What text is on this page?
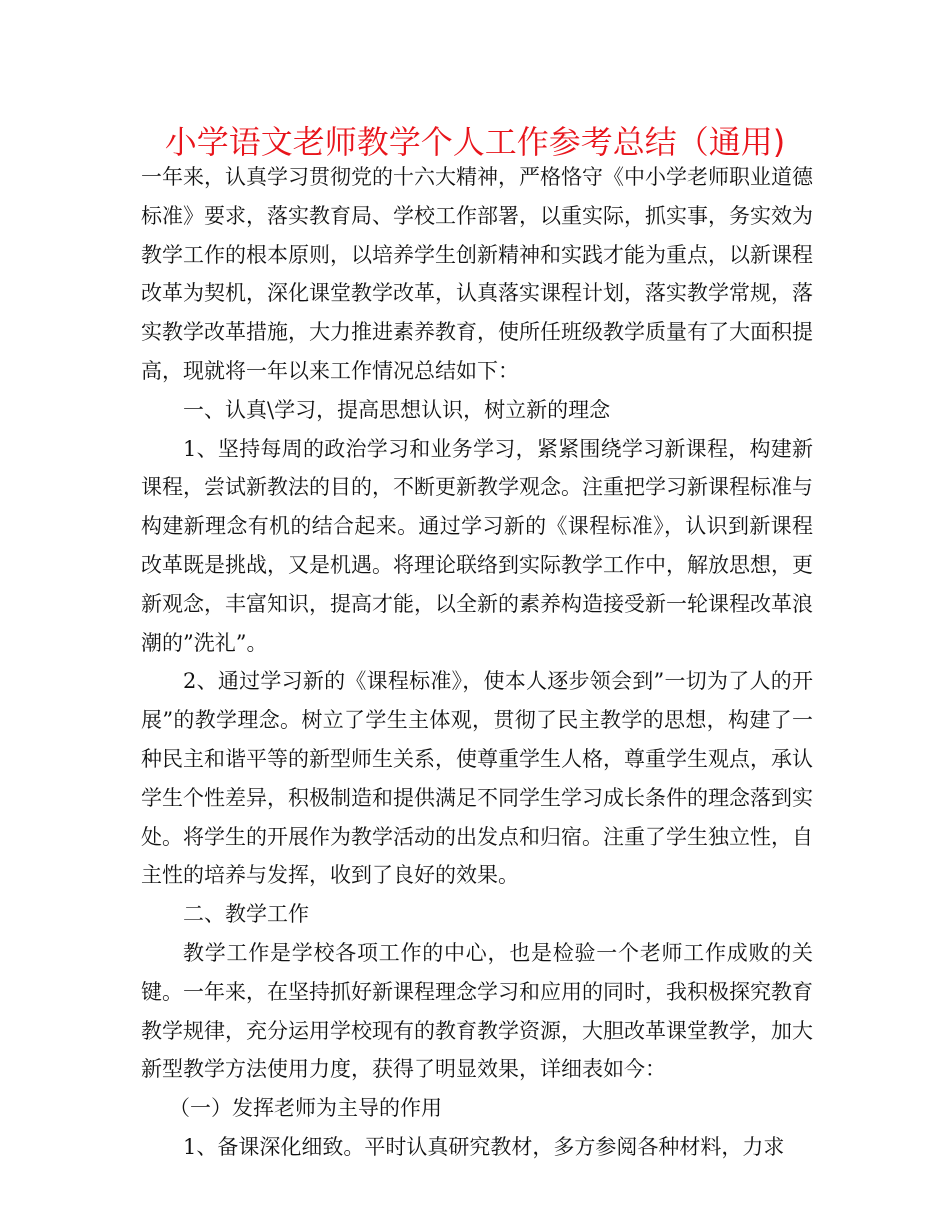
小学语文老师教学个人工作参考总结（通用)

一年来，认真学习贯彻党的十六大精神，严格恪守《中小学老师职业道德标准》要求，落实教育局、学校工作部署，以重实际，抓实事，务实效为教学工作的根本原则，以培养学生创新精神和实践才能为重点，以新课程改革为契机，深化课堂教学改革，认真落实课程计划，落实教学常规，落实教学改革措施，大力推进素养教育，使所任班级教学质量有了大面积提高，现就将一年以来工作情况总结如下：

一、认真\学习，提高思想认识，树立新的理念

1、坚持每周的政治学习和业务学习，紧紧围绕学习新课程，构建新课程，尝试新教法的目的，不断更新教学观念。注重把学习新课程标准与构建新理念有机的结合起来。通过学习新的《课程标准》，认识到新课程改革既是挑战，又是机遇。将理论联络到实际教学工作中，解放思想，更新观念，丰富知识，提高才能，以全新的素养构造接受新一轮课程改革浪潮的”洗礼”。

2、通过学习新的《课程标准》，使本人逐步领会到”一切为了人的开展”的教学理念。树立了学生主体观，贯彻了民主教学的思想，构建了一种民主和谐平等的新型师生关系，使尊重学生人格，尊重学生观点，承认学生个性差异，积极制造和提供满足不同学生学习成长条件的理念落到实处。将学生的开展作为教学活动的出发点和归宿。注重了学生独立性，自主性的培养与发挥，收到了良好的效果。

二、教学工作

教学工作是学校各项工作的中心，也是检验一个老师工作成败的关键。一年来，在坚持抓好新课程理念学习和应用的同时，我积极探究教育教学规律，充分运用学校现有的教育教学资源，大胆改革课堂教学，加大新型教学方法使用力度，获得了明显效果，详细表如今：

（一）发挥老师为主导的作用

1、备课深化细致。平时认真研究教材，多方参阅各种材料，力求
